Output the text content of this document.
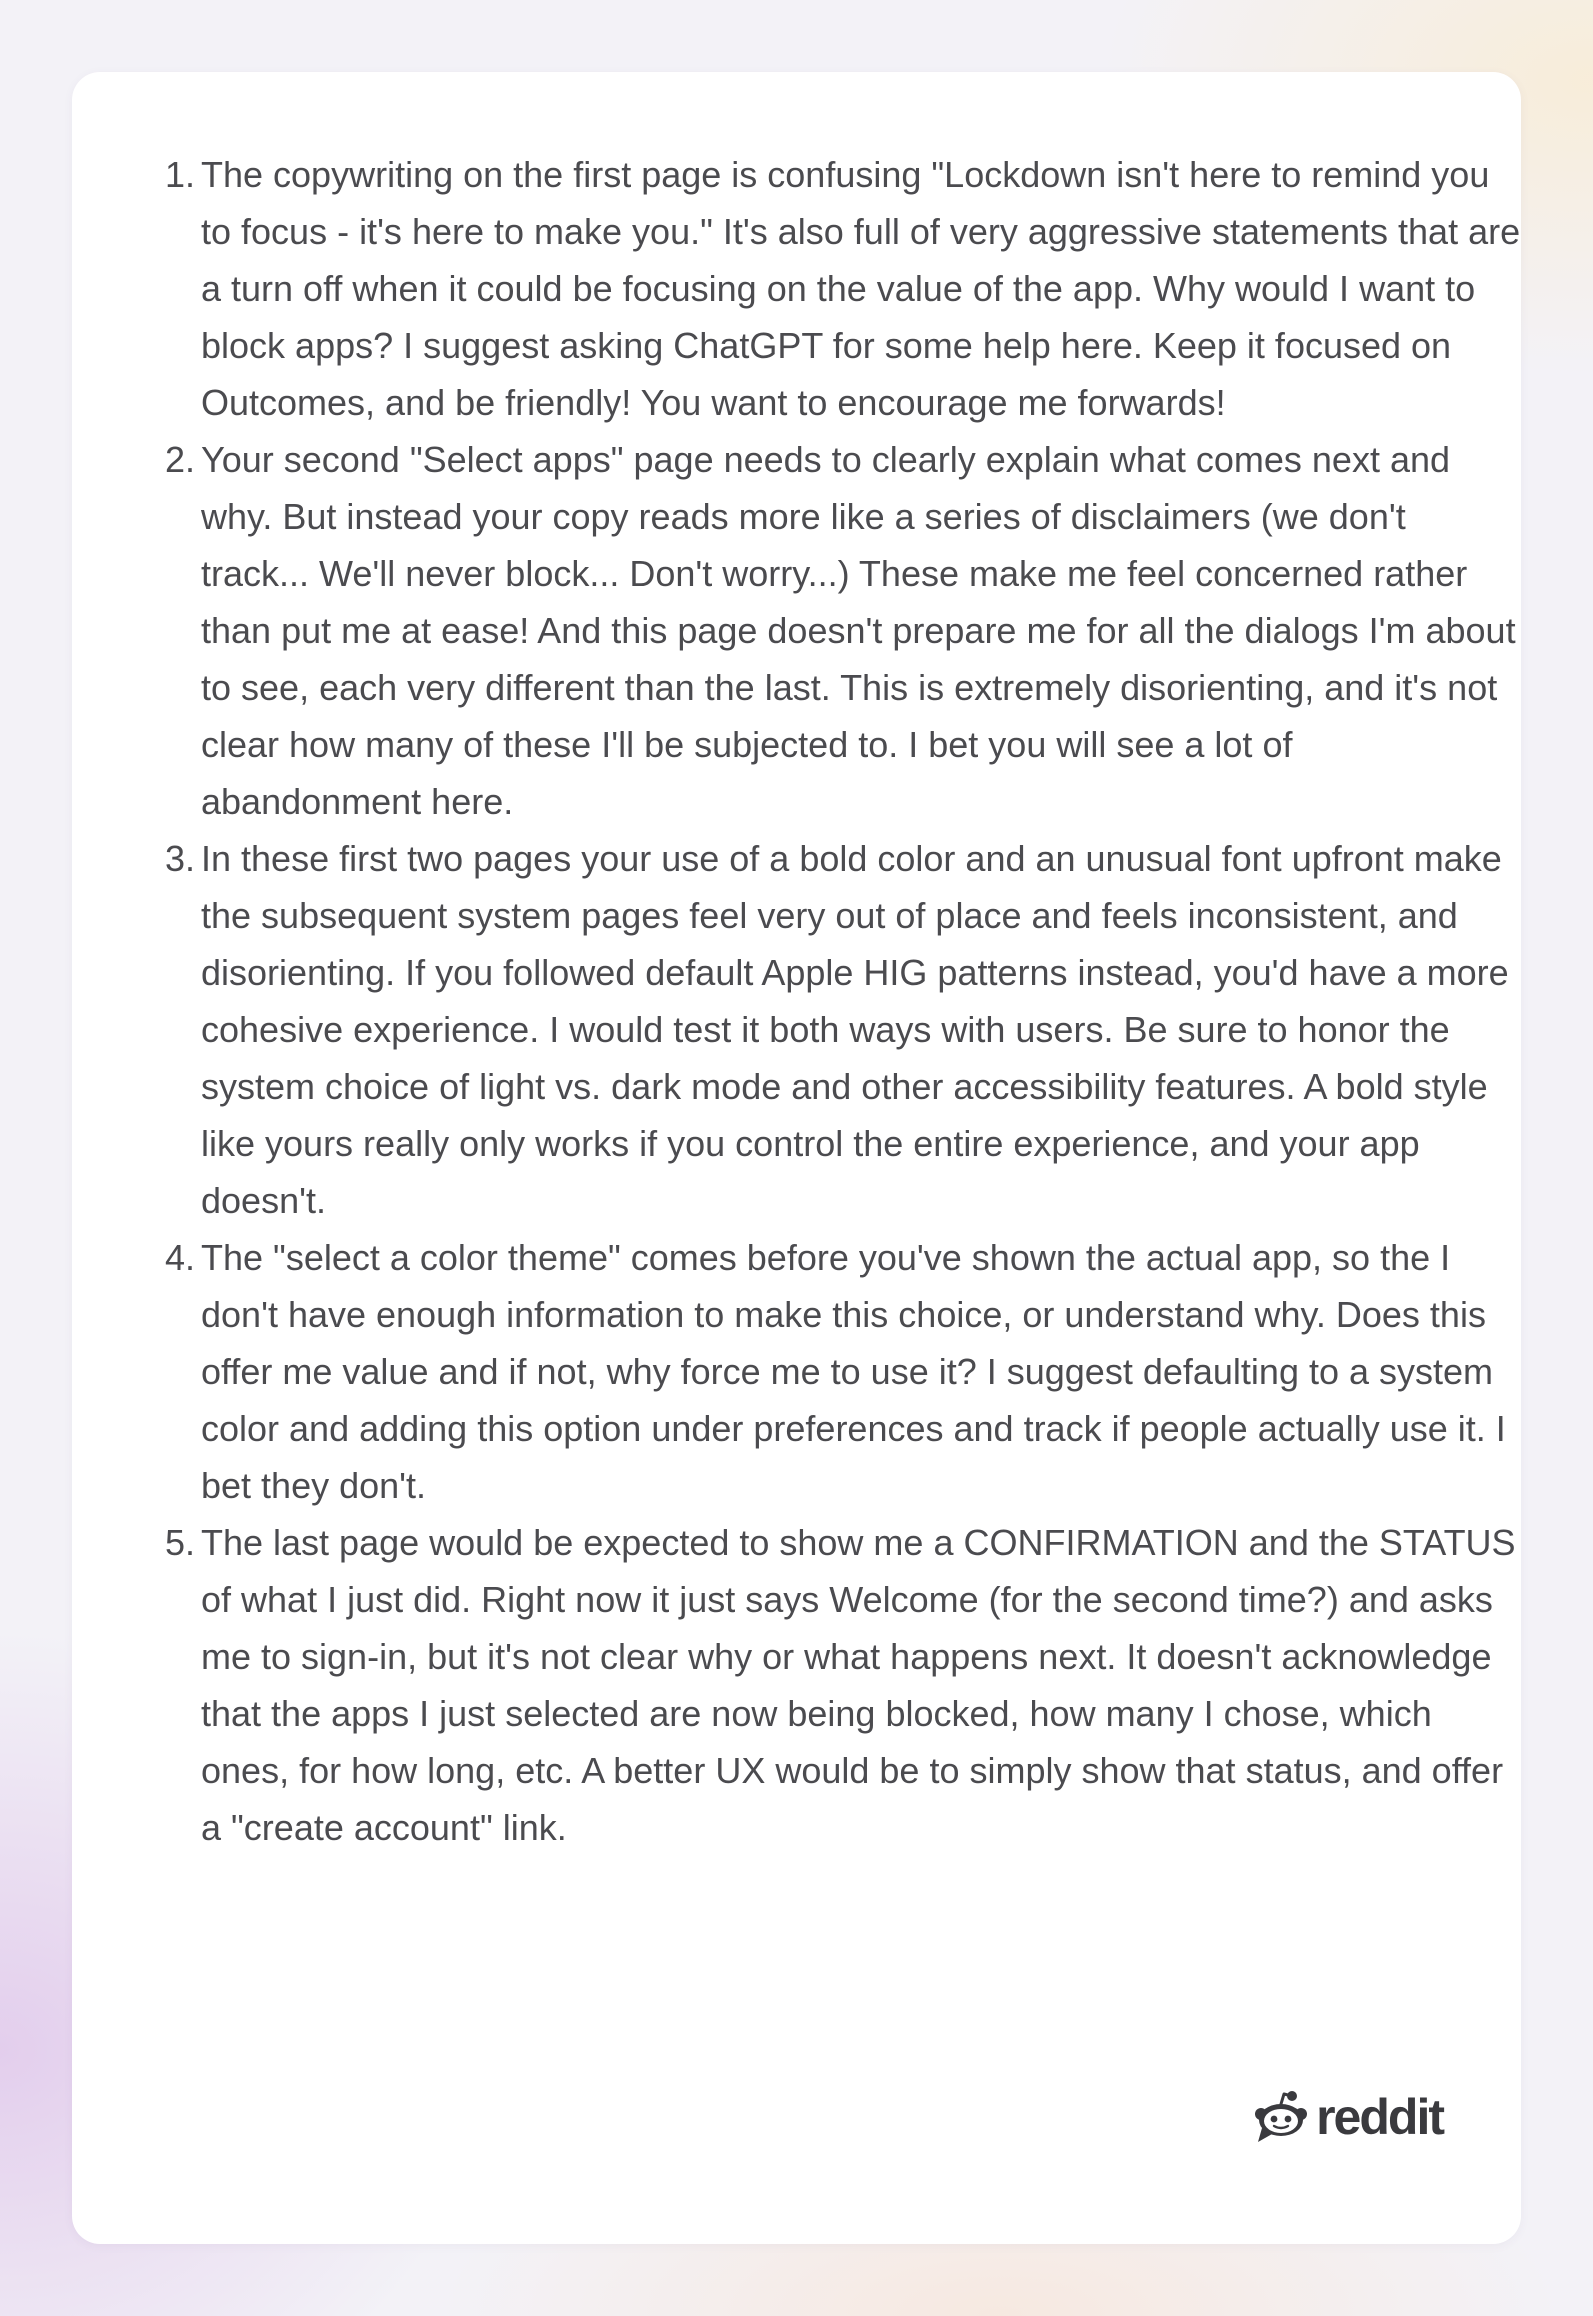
1. The copywriting on the first page is confusing "Lockdown isn't here to remind you to focus - it's here to make you." It's also full of very aggressive statements that are a turn off when it could be focusing on the value of the app. Why would I want to block apps? I suggest asking ChatGPT for some help here. Keep it focused on Outcomes, and be friendly! You want to encourage me forwards!
2. Your second "Select apps" page needs to clearly explain what comes next and why. But instead your copy reads more like a series of disclaimers (we don't track... We'll never block... Don't worry...) These make me feel concerned rather than put me at ease! And this page doesn't prepare me for all the dialogs I'm about to see, each very different than the last. This is extremely disorienting, and it's not clear how many of these I'll be subjected to. I bet you will see a lot of abandonment here.
3. In these first two pages your use of a bold color and an unusual font upfront make the subsequent system pages feel very out of place and feels inconsistent, and disorienting. If you followed default Apple HIG patterns instead, you'd have a more cohesive experience. I would test it both ways with users. Be sure to honor the system choice of light vs. dark mode and other accessibility features. A bold style like yours really only works if you control the entire experience, and your app doesn't.
4. The "select a color theme" comes before you've shown the actual app, so the I don't have enough information to make this choice, or understand why. Does this offer me value and if not, why force me to use it? I suggest defaulting to a system color and adding this option under preferences and track if people actually use it. I bet they don't.
5. The last page would be expected to show me a CONFIRMATION and the STATUS of what I just did. Right now it just says Welcome (for the second time?) and asks me to sign-in, but it's not clear why or what happens next. It doesn't acknowledge that the apps I just selected are now being blocked, how many I chose, which ones, for how long, etc. A better UX would be to simply show that status, and offer a "create account" link.
reddit
